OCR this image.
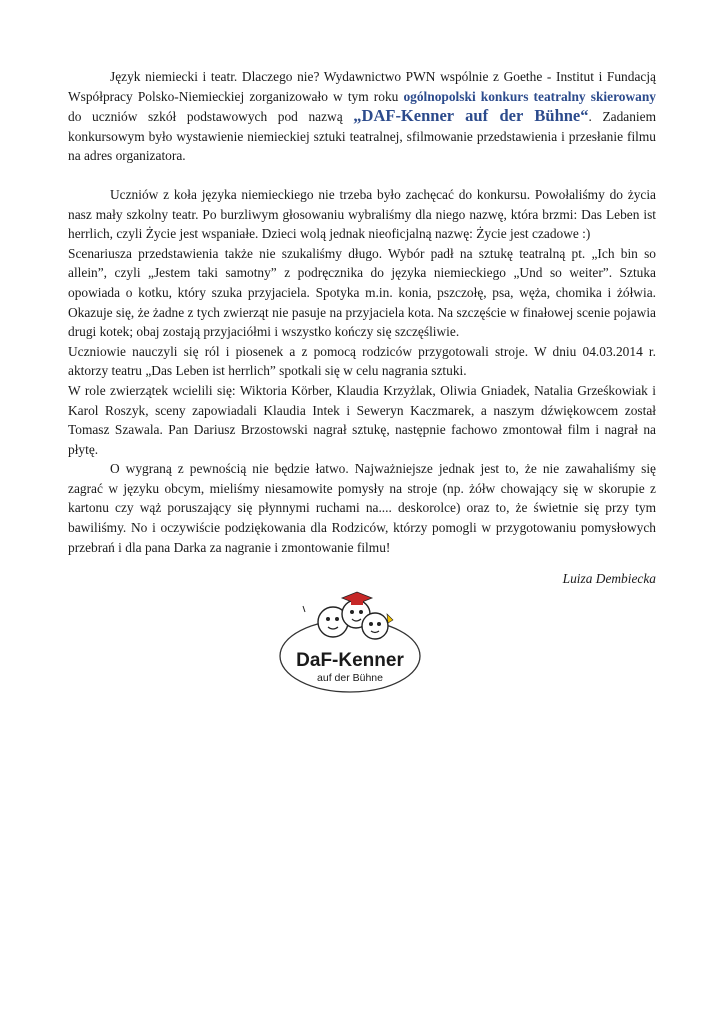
Język niemiecki i teatr. Dlaczego nie? Wydawnictwo PWN wspólnie z Goethe - Institut i Fundacją Współpracy Polsko-Niemieckiej zorganizowało w tym roku ogólnopolski konkurs teatralny skierowany do uczniów szkół podstawowych pod nazwą „DAF-Kenner auf der Bühne“. Zadaniem konkursowym było wystawienie niemieckiej sztuki teatralnej, sfilmowanie przedstawienia i przesłanie filmu na adres organizatora.

Uczniów z koła języka niemieckiego nie trzeba było zachęcać do konkursu. Powołaliśmy do życia nasz mały szkolny teatr. Po burzliwym głosowaniu wybraliśmy dla niego nazwę, która brzmi: Das Leben ist herrlich, czyli Życie jest wspaniałe. Dzieci wolą jednak nieoficjalną nazwę: Życie jest czadowe :)

Scenariusza przedstawienia także nie szukaliśmy długo. Wybór padł na sztukę teatralną pt. „Ich bin so allein”, czyli „Jestem taki samotny” z podręcznika do języka niemieckiego „Und so weiter”. Sztuka opowiada o kotku, który szuka przyjaciela. Spotyka m.in. konia, pszczołę, psa, węża, chomika i żółwia. Okazuje się, że żadne z tych zwierząt nie pasuje na przyjaciela kota. Na szczęście w finałowej scenie pojawia drugi kotek; obaj zostają przyjaciółmi i wszystko kończy się szczęśliwie.

Uczniowie nauczyli się ról i piosenek a z pomocą rodziców przygotowali stroje. W dniu 04.03.2014 r. aktorzy teatru „Das Leben ist herrlich” spotkali się w celu nagrania sztuki.

W role zwierzątek wcielili się: Wiktoria Körber, Klaudia Krzyżlak, Oliwia Gniadek, Natalia Grześkowiak i Karol Roszyk, sceny zapowiadali Klaudia Intek i Seweryn Kaczmarek, a naszym dźwiękowcem został Tomasz Szawala. Pan Dariusz Brzostowski nagrał sztukę, następnie fachowo zmontował film i nagrał na płytę.

O wygraną z pewnością nie będzie łatwo. Najważniejsze jednak jest to, że nie zawahaliśmy się zagrać w języku obcym, mieliśmy niesamowite pomysły na stroje (np. żółw chowający się w skorupie z kartonu czy wąż poruszający się płynnymi ruchami na.... deskorolce) oraz to, że świetnie się przy tym bawiliśmy. No i oczywiście podziękowania dla Rodziców, którzy pomogli w przygotowaniu pomysłowych przebrań i dla pana Darka za nagranie i zmontowanie filmu!

Luiza Dembiecka
DaF-Kenner
auf der Bühne
